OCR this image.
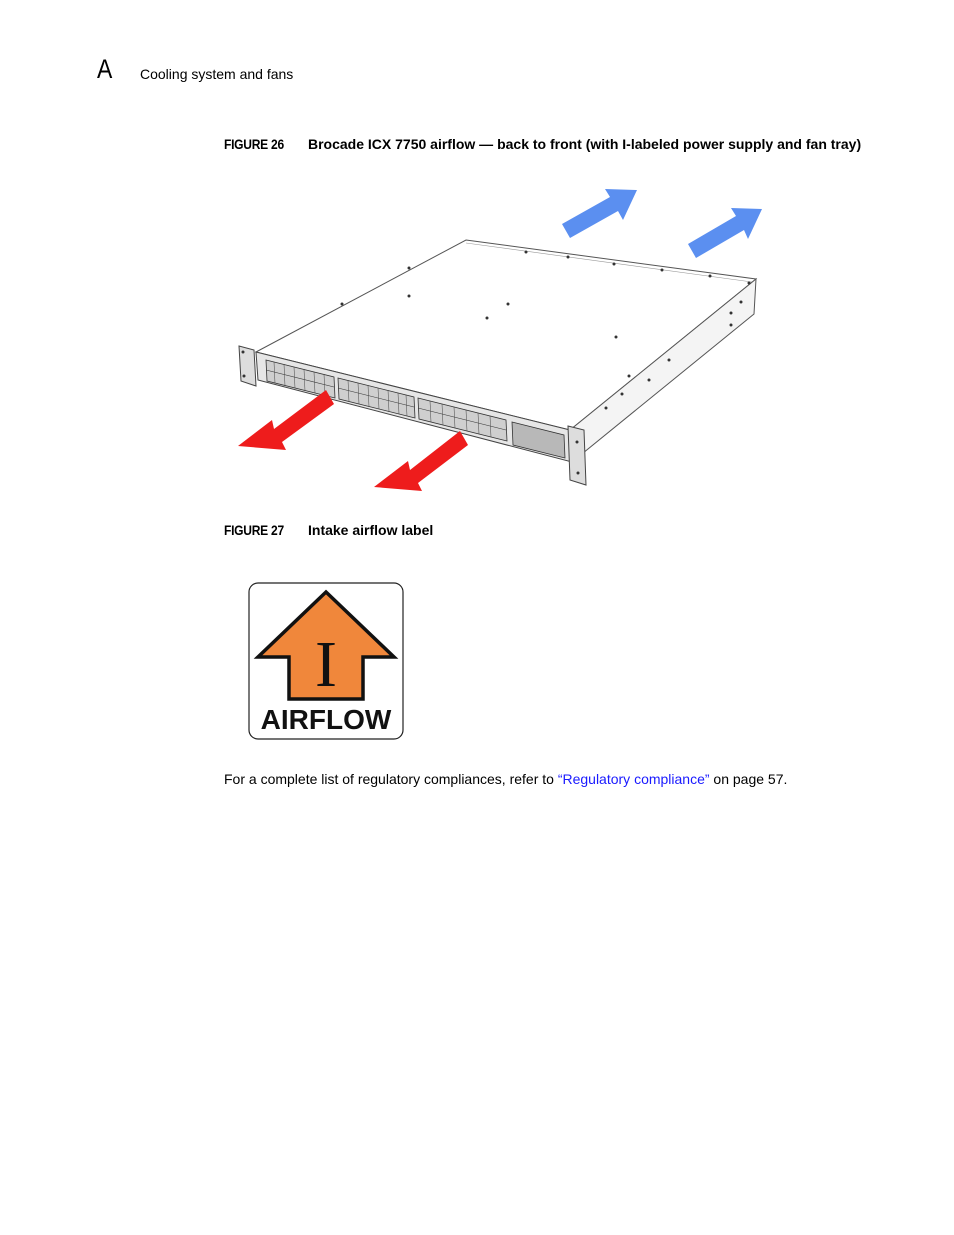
A Cooling system and fans
FIGURE 26 Brocade ICX 7750 airflow — back to front (with I-labeled power supply and fan tray)
FIGURE 27 Intake airflow label
I
AIRFLOW
For a complete list of regulatory compliances, refer to “Regulatory compliance” on page 57.
